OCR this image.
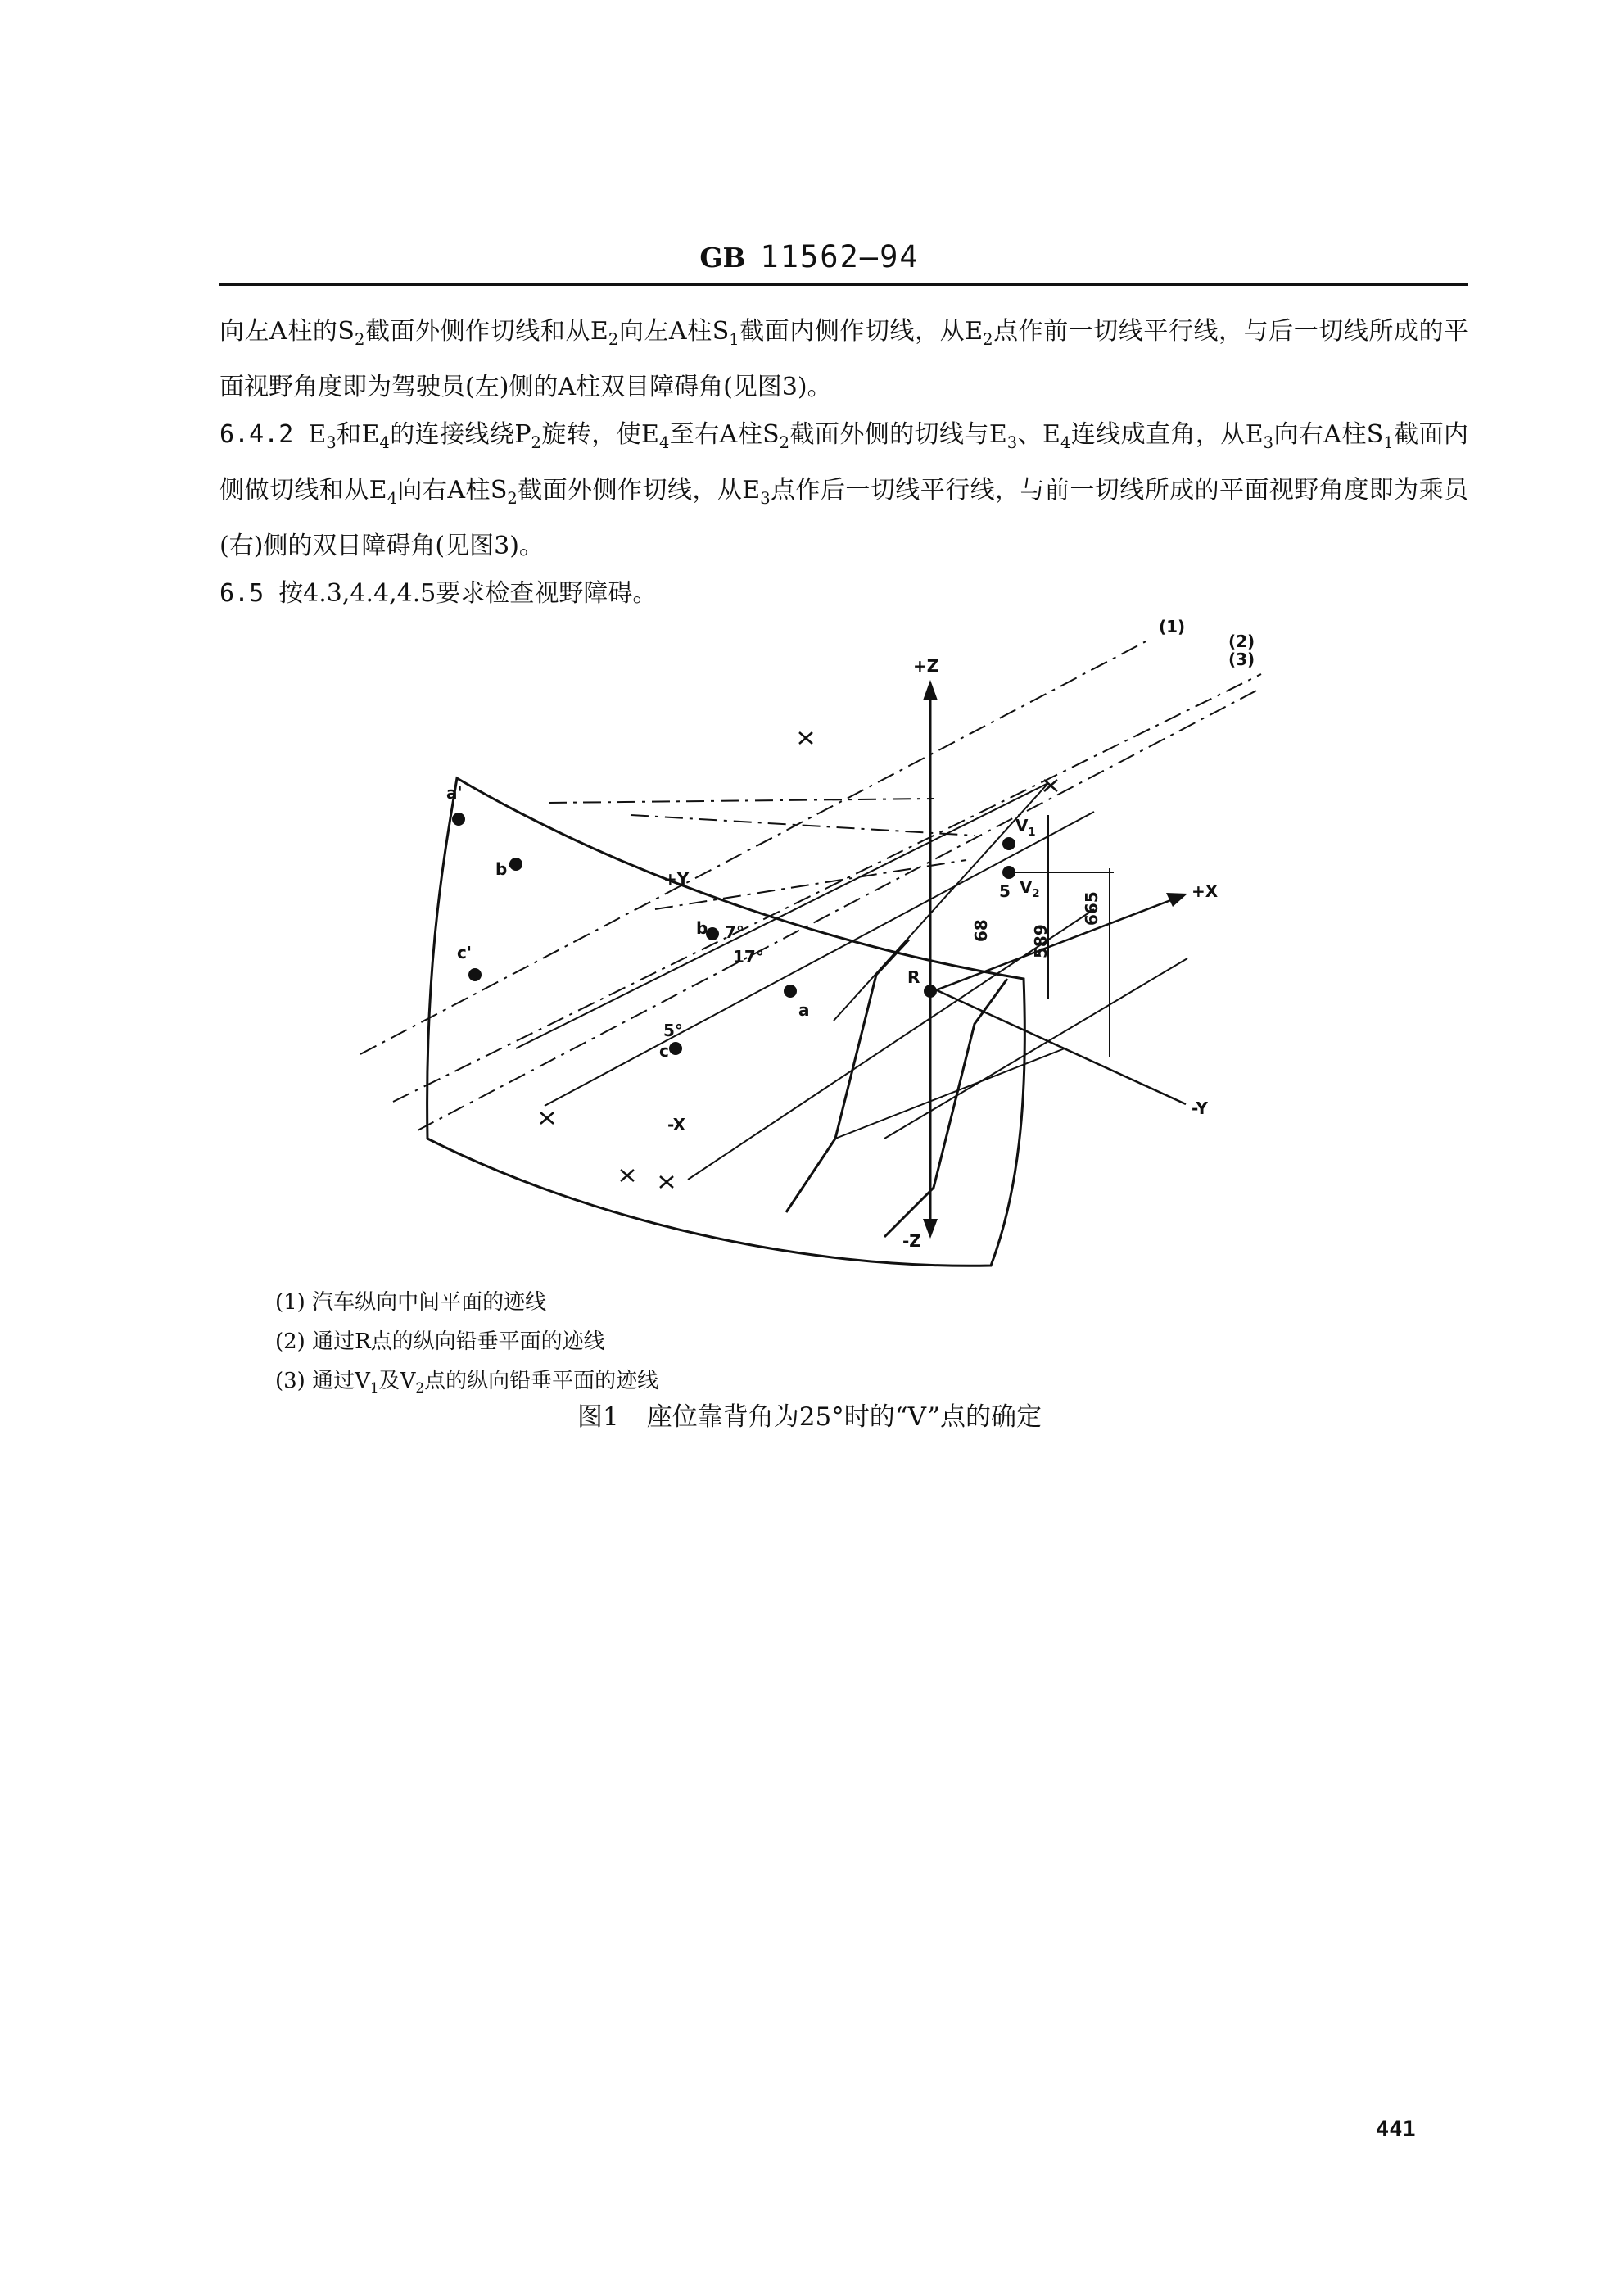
GB 11562—94

向左A柱的$S_2$截面外侧作切线和从$E_2$向左A柱$S_1$截面内侧作切线，从$E_2$点作前一切线平行线，与后一切线所成的平面视野角度即为驾驶员(左)侧的A柱双目障碍角(见图3)。

6.4.2 $E_3$和$E_4$的连接线绕$P_2$旋转，使$E_4$至右A柱$S_2$截面外侧的切线与$E_3$、$E_4$连线成直角，从$E_3$向右A柱$S_1$截面内侧做切线和从$E_4$向右A柱$S_2$截面外侧作切线，从$E_3$点作后一切线平行线，与前一切线所成的平面视野角度即为乘员(右)侧的双目障碍角(见图3)。

6.5 按4.3,4.4,4.5要求检查视野障碍。

(1)
(2)
(3)
+Z
-Z
+X
-X
+Y
-Y
a'
b'
c'
a
b
c
R
$V_1$
$V_2$
7°
17°
5°
5
68 589
665
(1) 汽车纵向中间平面的迹线
(2) 通过R点的纵向铅垂平面的迹线
(3) 通过$V_1$及$V_2$点的纵向铅垂平面的迹线
图1 座位靠背角为25°时的“V”点的确定
441
